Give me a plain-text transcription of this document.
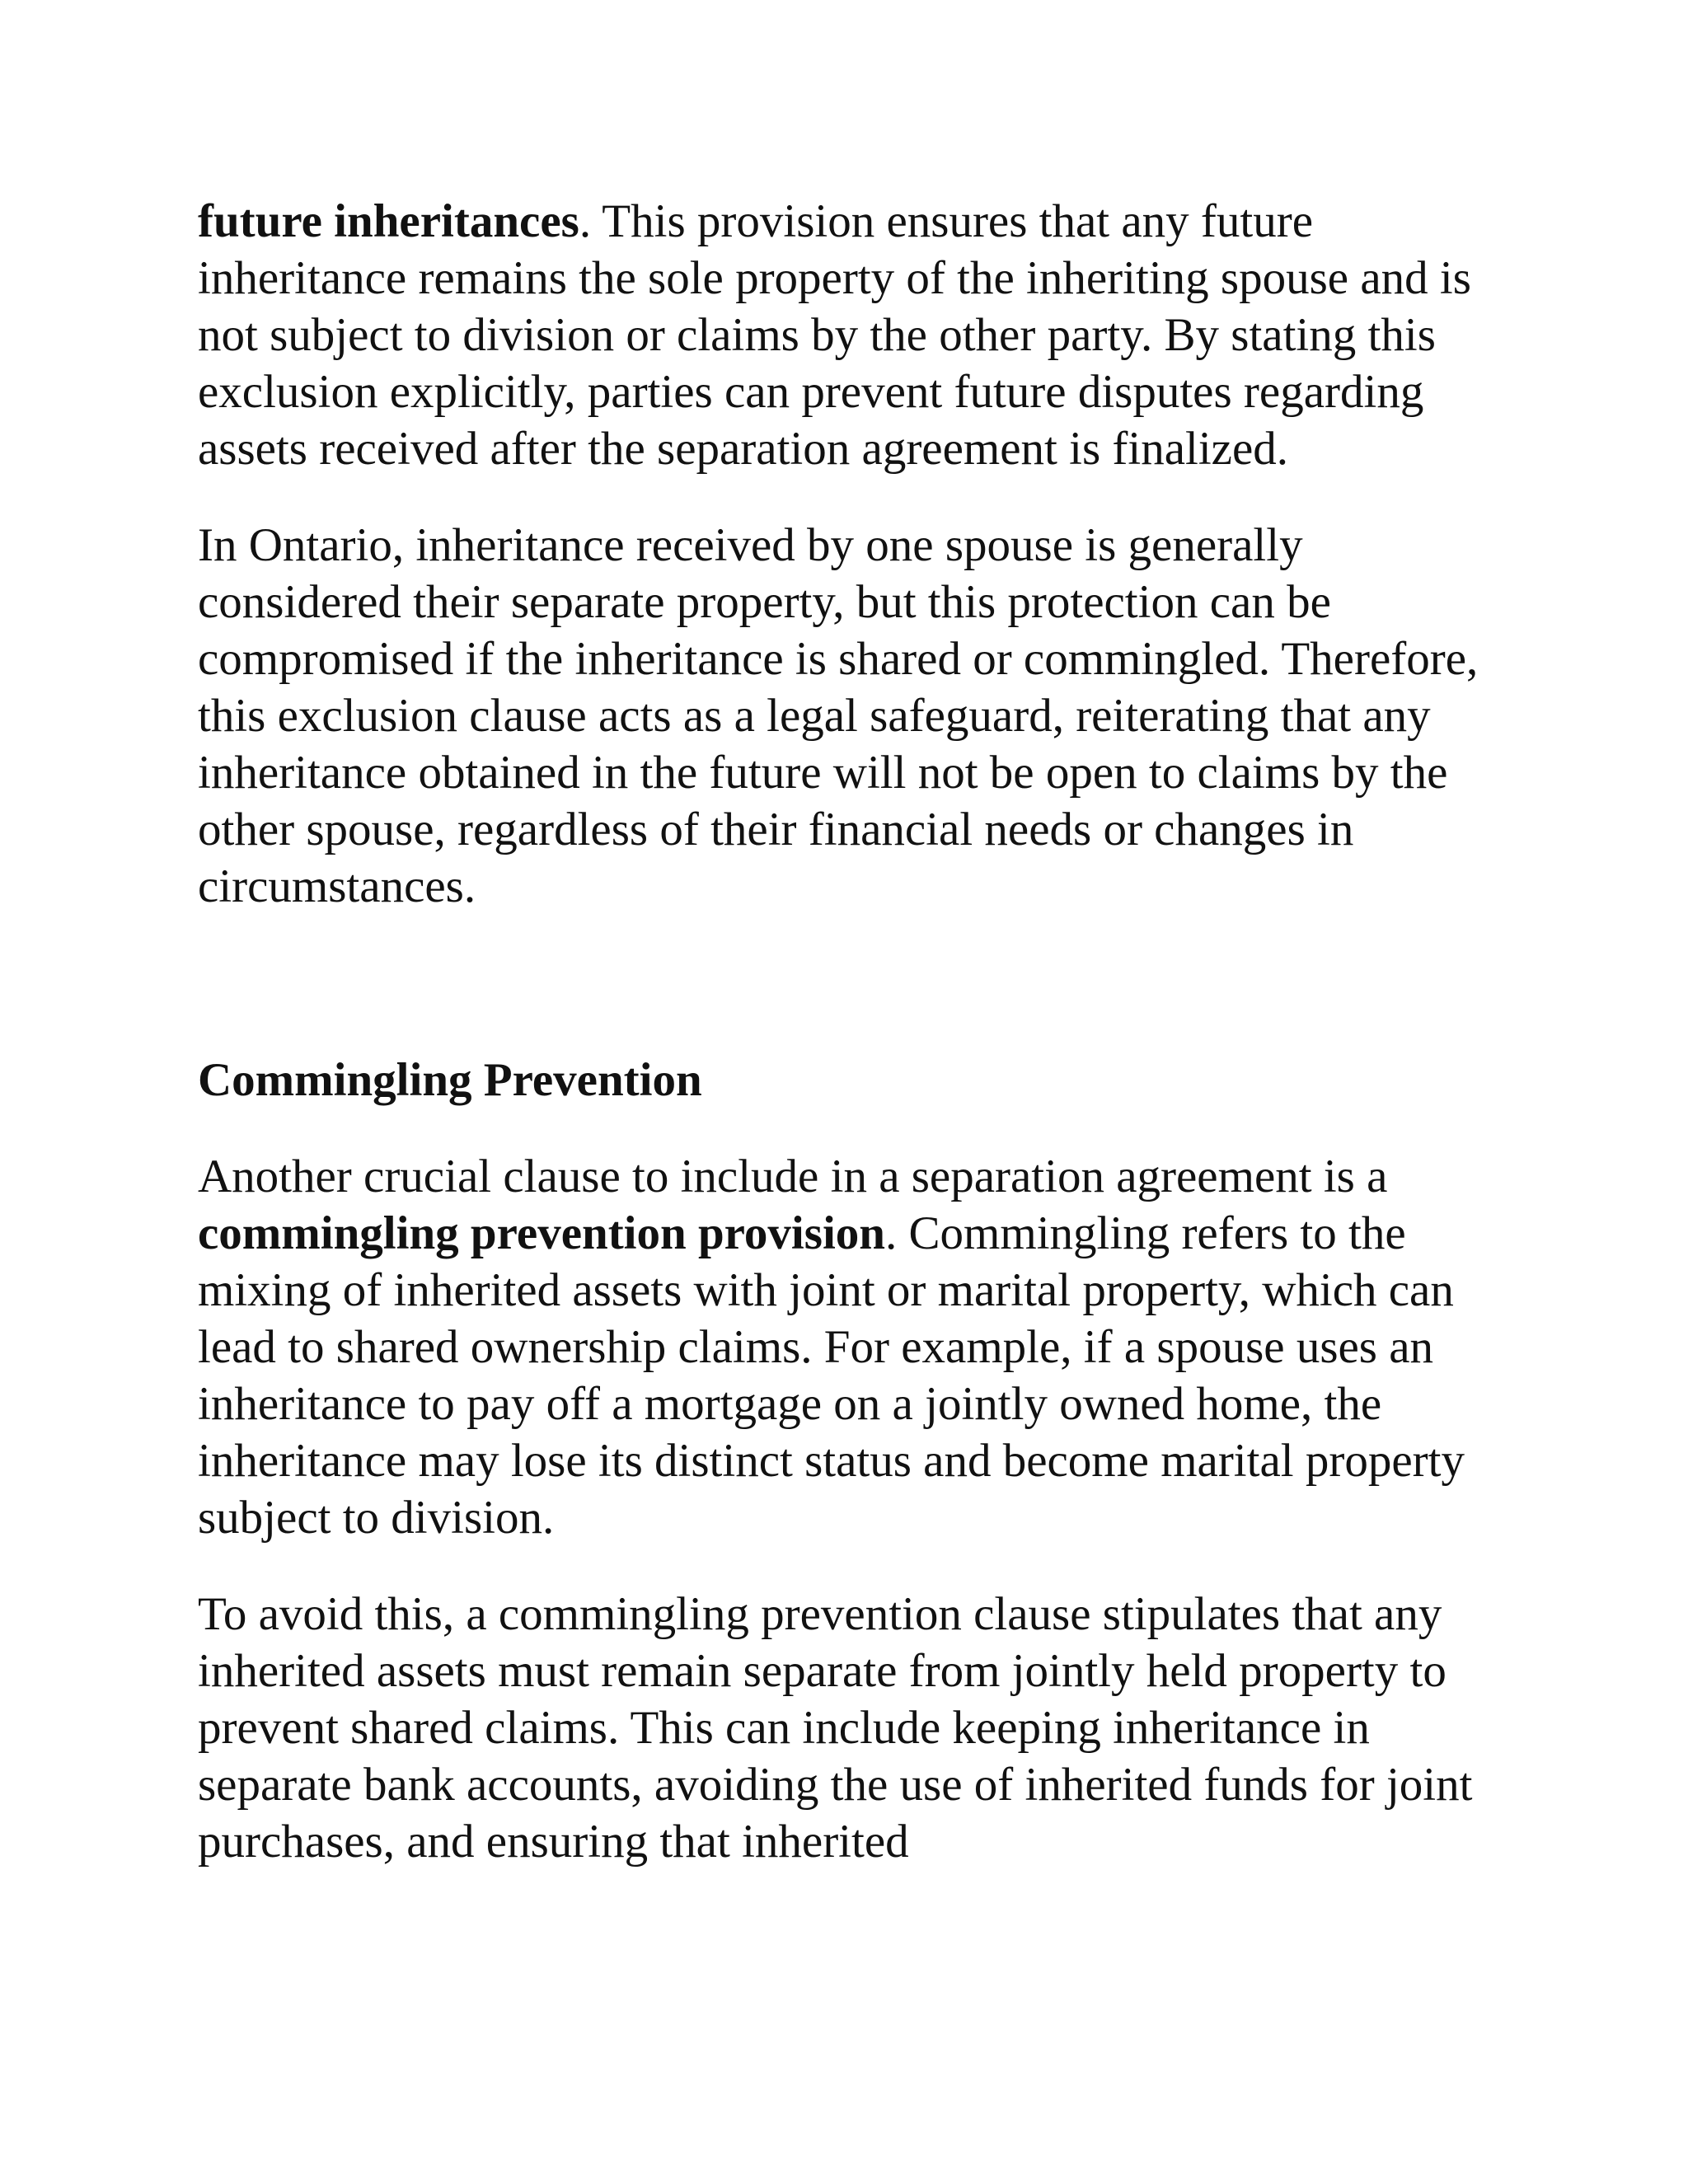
future inheritances. This provision ensures that any future inheritance remains the sole property of the inheriting spouse and is not subject to division or claims by the other party. By stating this exclusion explicitly, parties can prevent future disputes regarding assets received after the separation agreement is finalized.

In Ontario, inheritance received by one spouse is generally considered their separate property, but this protection can be compromised if the inheritance is shared or commingled. Therefore, this exclusion clause acts as a legal safeguard, reiterating that any inheritance obtained in the future will not be open to claims by the other spouse, regardless of their financial needs or changes in circumstances.

Commingling Prevention

Another crucial clause to include in a separation agreement is a commingling prevention provision. Commingling refers to the mixing of inherited assets with joint or marital property, which can lead to shared ownership claims. For example, if a spouse uses an inheritance to pay off a mortgage on a jointly owned home, the inheritance may lose its distinct status and become marital property subject to division.

To avoid this, a commingling prevention clause stipulates that any inherited assets must remain separate from jointly held property to prevent shared claims. This can include keeping inheritance in separate bank accounts, avoiding the use of inherited funds for joint purchases, and ensuring that inherited
